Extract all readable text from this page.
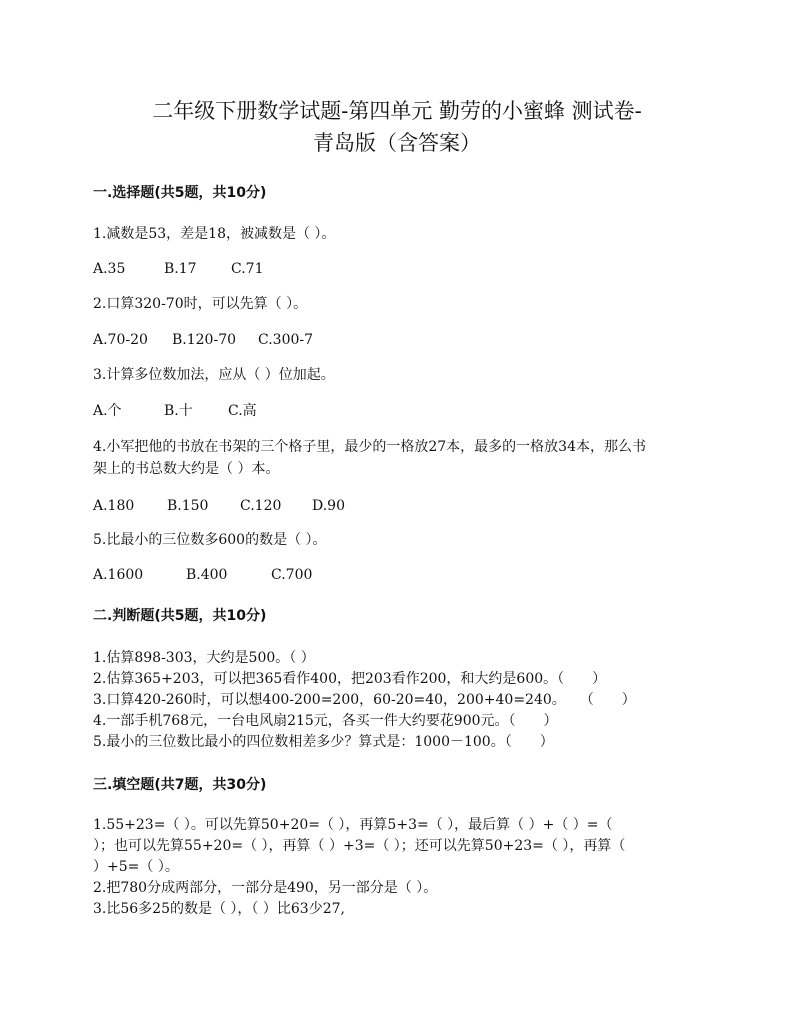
二年级下册数学试题-第四单元 勤劳的小蜜蜂 测试卷-
青岛版（含答案）
一.选择题(共5题，共10分)
1.减数是53，差是18，被减数是（ ）。
A.35	B.17 C.71
2.口算320-70时，可以先算（ ）。
A.70-20 B.120-70 C.300-7
3.计算多位数加法，应从（ ）位加起。
A.个	B.十	C.高
4.小军把他的书放在书架的三个格子里，最少的一格放27本，最多的一格放34本，那么书
架上的书总数大约是（ ）本。
A.180 B.150 C.120 D.90
5.比最小的三位数多600的数是（ ）。
A.1600	B.400	C.700
二.判断题(共5题，共10分)
1.估算898-303，大约是500。（ ）
2.估算365+203，可以把365看作400，把203看作200，和大约是600。（　　）
3.口算420-260时，可以想400-200=200，60-20=40，200+40=240。　　（　　）
4.一部手机768元，一台电风扇215元，各买一件大约要花900元。（　　）
5.最小的三位数比最小的四位数相差多少？算式是：1000－100。（　　）
三.填空题(共7题，共30分)
1.55+23=（ ）。可以先算50+20=（ ），再算5+3=（ ），最后算（ ）+（ ）=（
）；也可以先算55+20=（ ），再算（ ）+3=（ ）；还可以先算50+23=（ ），再算（
）+5=（ ）。
2.把780分成两部分，一部分是490，另一部分是（ ）。
3.比56多25的数是（ ），（ ）比63少27,
